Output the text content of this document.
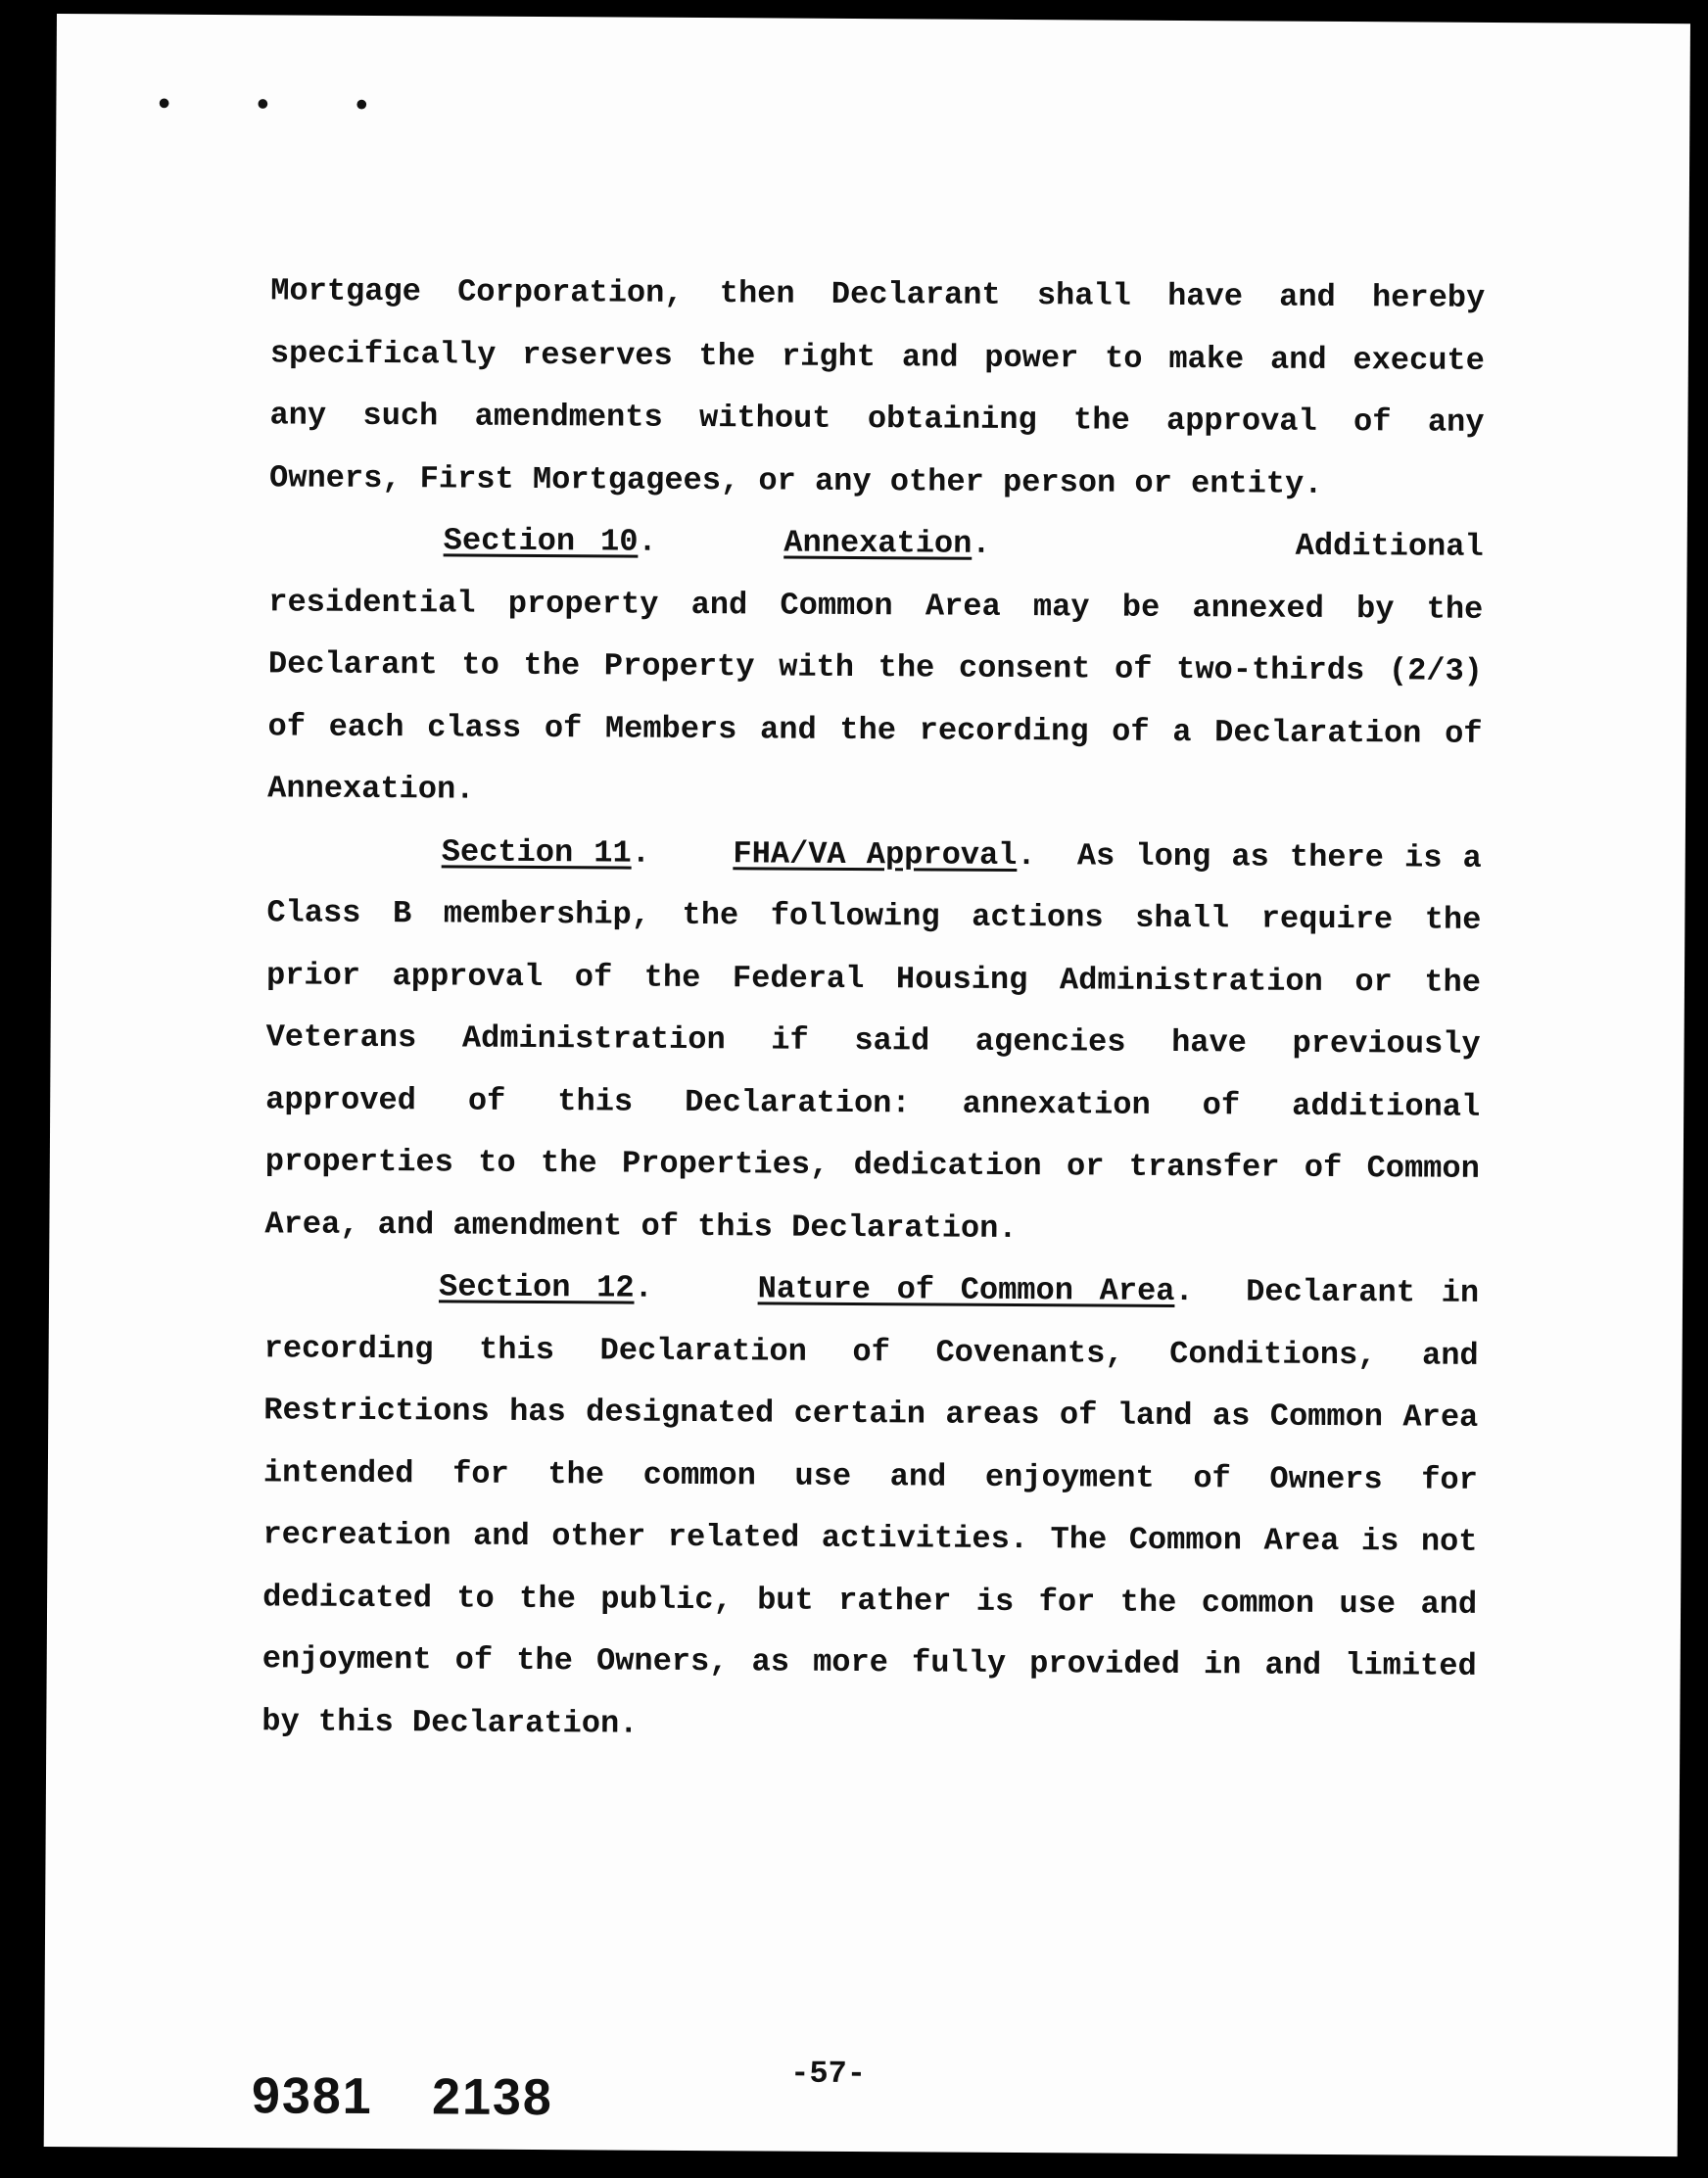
• • •

Mortgage Corporation, then Declarant shall have and hereby specifically reserves the right and power to make and execute any such amendments without obtaining the approval of any Owners, First Mortgagees, or any other person or entity.

Section 10.     Annexation.            Additional residential property and Common Area may be annexed by the Declarant to the Property with the consent of two-thirds (2/3) of each class of Members and the recording of a Declaration of Annexation.

Section 11.    FHA/VA Approval.  As long as there is a Class B membership, the following actions shall require the prior approval of the Federal Housing Administration or the Veterans Administration if said agencies have previously approved of this Declaration: annexation of additional properties to the Properties, dedication or transfer of Common Area, and amendment of this Declaration.

Section 12.    Nature of Common Area.  Declarant in recording this Declaration of Covenants, Conditions, and Restrictions has designated certain areas of land as Common Area intended for the common use and enjoyment of Owners for recreation and other related activities. The Common Area is not dedicated to the public, but rather is for the common use and enjoyment of the Owners, as more fully provided in and limited by this Declaration.

-57-
9381 2138
